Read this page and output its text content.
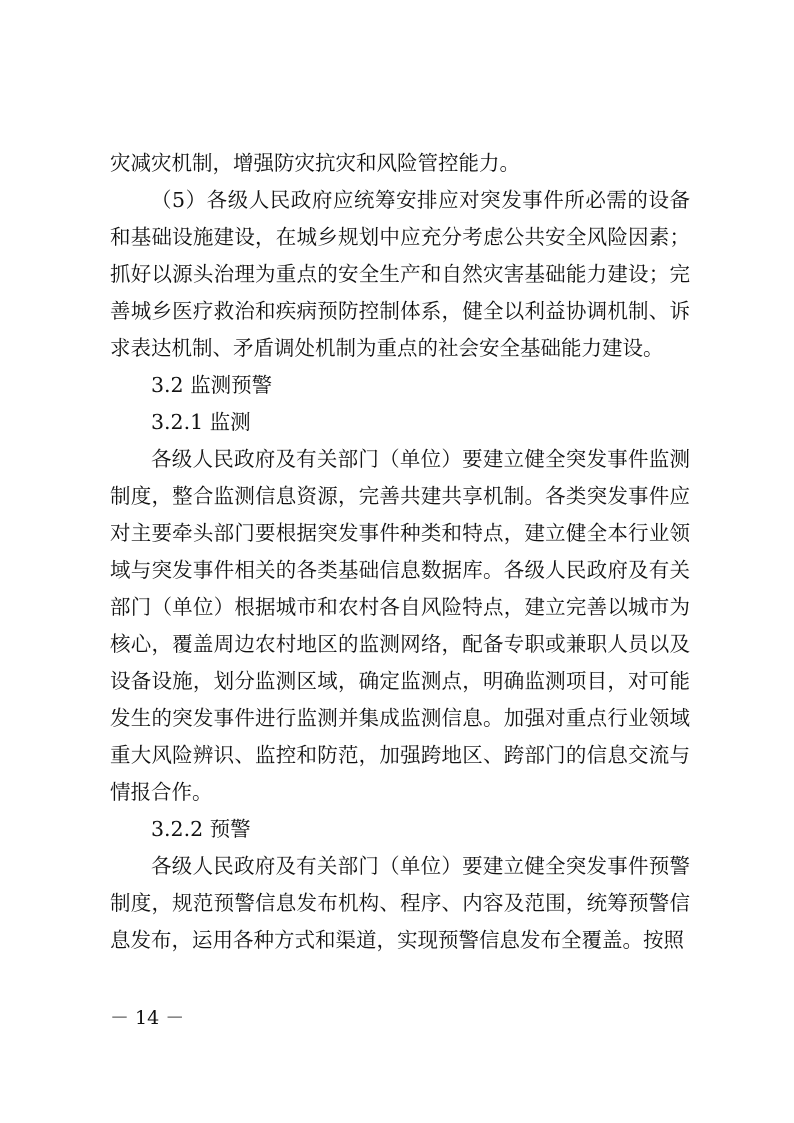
灾减灾机制，增强防灾抗灾和风险管控能力。

（5）各级人民政府应统筹安排应对突发事件所必需的设备和基础设施建设，在城乡规划中应充分考虑公共安全风险因素；抓好以源头治理为重点的安全生产和自然灾害基础能力建设；完善城乡医疗救治和疾病预防控制体系，健全以利益协调机制、诉求表达机制、矛盾调处机制为重点的社会安全基础能力建设。

3.2 监测预警

3.2.1 监测

各级人民政府及有关部门（单位）要建立健全突发事件监测制度，整合监测信息资源，完善共建共享机制。各类突发事件应对主要牵头部门要根据突发事件种类和特点，建立健全本行业领域与突发事件相关的各类基础信息数据库。各级人民政府及有关部门（单位）根据城市和农村各自风险特点，建立完善以城市为核心，覆盖周边农村地区的监测网络，配备专职或兼职人员以及设备设施，划分监测区域，确定监测点，明确监测项目，对可能发生的突发事件进行监测并集成监测信息。加强对重点行业领域重大风险辨识、监控和防范，加强跨地区、跨部门的信息交流与情报合作。

3.2.2 预警

各级人民政府及有关部门（单位）要建立健全突发事件预警制度，规范预警信息发布机构、程序、内容及范围，统筹预警信息发布，运用各种方式和渠道，实现预警信息发布全覆盖。按照

－ 14 －
